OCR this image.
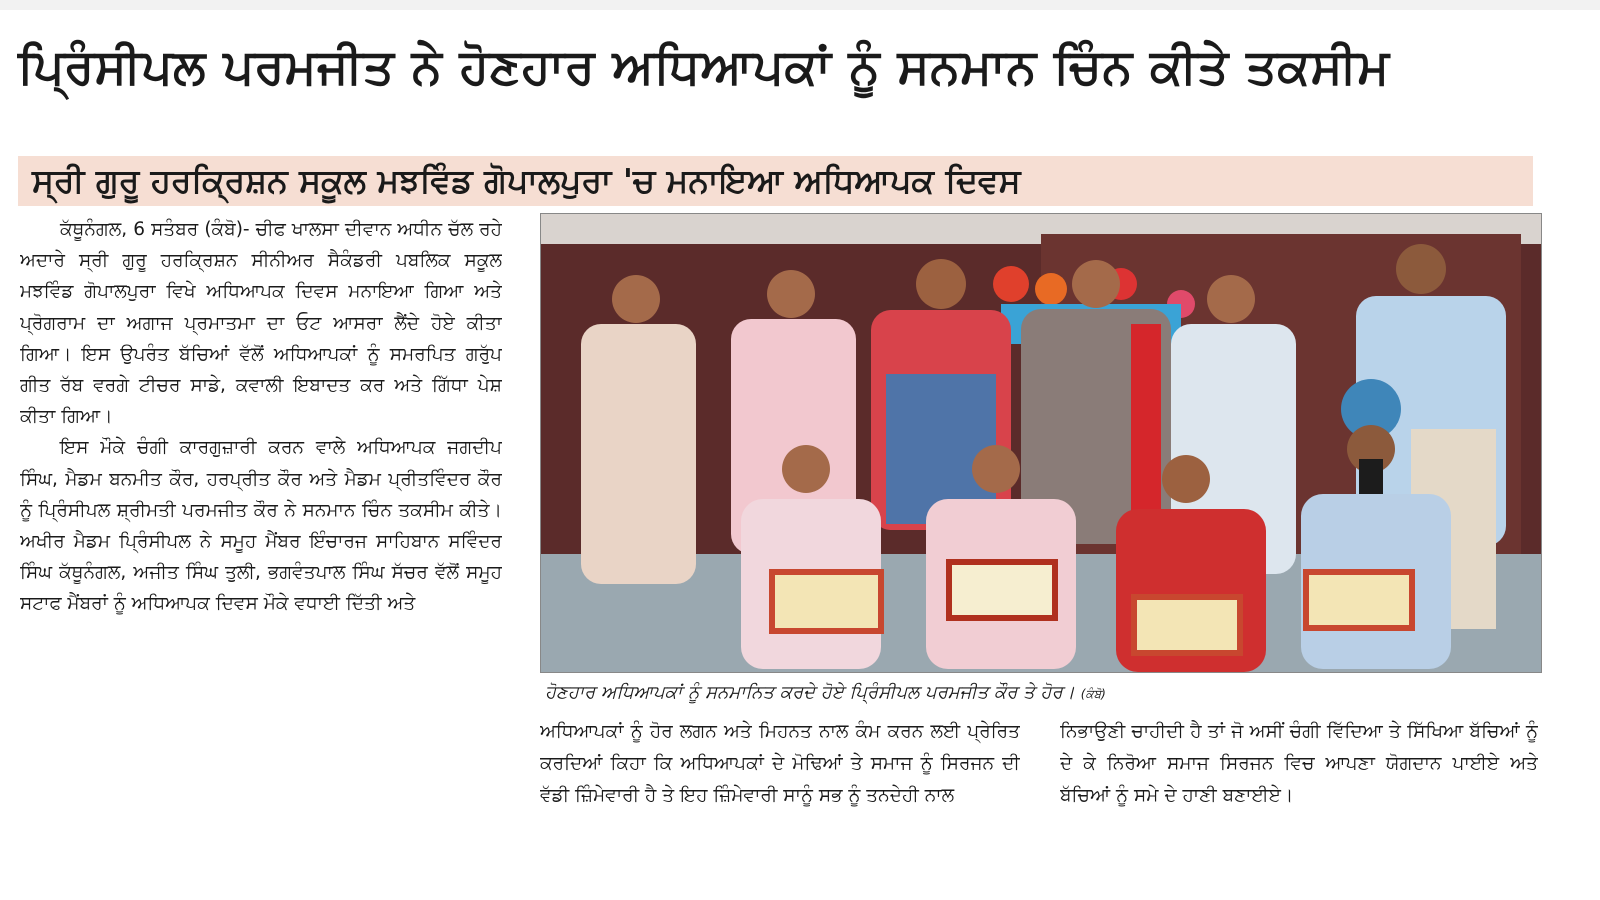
ਪ੍ਰਿੰਸੀਪਲ ਪਰਮਜੀਤ ਨੇ ਹੋਣਹਾਰ ਅਧਿਆਪਕਾਂ ਨੂੰ ਸਨਮਾਨ ਚਿੰਨ ਕੀਤੇ ਤਕਸੀਮ
ਸ੍ਰੀ ਗੁਰੂ ਹਰਕ੍ਰਿਸ਼ਨ ਸਕੂਲ ਮਝਵਿੰਡ ਗੋਪਾਲਪੁਰਾ 'ਚ ਮਨਾਇਆ ਅਧਿਆਪਕ ਦਿਵਸ

ਕੱਥੂਨੰਗਲ, 6 ਸਤੰਬਰ (ਕੰਬੋ)- ਚੀਫ ਖਾਲਸਾ ਦੀਵਾਨ ਅਧੀਨ ਚੱਲ ਰਹੇ ਅਦਾਰੇ ਸ੍ਰੀ ਗੁਰੂ ਹਰਕ੍ਰਿਸ਼ਨ ਸੀਨੀਅਰ ਸੈਕੰਡਰੀ ਪਬਲਿਕ ਸਕੂਲ ਮਝਵਿੰਡ ਗੋਪਾਲਪੁਰਾ ਵਿਖੇ ਅਧਿਆਪਕ ਦਿਵਸ ਮਨਾਇਆ ਗਿਆ ਅਤੇ ਪ੍ਰੋਗਰਾਮ ਦਾ ਅਗਾਜ ਪ੍ਰਮਾਤਮਾ ਦਾ ਓਟ ਆਸਰਾ ਲੈਂਦੇ ਹੋਏ ਕੀਤਾ ਗਿਆ। ਇਸ ਉਪਰੰਤ ਬੱਚਿਆਂ ਵੱਲੋਂ ਅਧਿਆਪਕਾਂ ਨੂੰ ਸਮਰਪਿਤ ਗਰੁੱਪ ਗੀਤ ਰੱਬ ਵਰਗੇ ਟੀਚਰ ਸਾਡੇ, ਕਵਾਲੀ ਇਬਾਦਤ ਕਰ ਅਤੇ ਗਿੱਧਾ ਪੇਸ਼ ਕੀਤਾ ਗਿਆ।

ਇਸ ਮੌਕੇ ਚੰਗੀ ਕਾਰਗੁਜ਼ਾਰੀ ਕਰਨ ਵਾਲੇ ਅਧਿਆਪਕ ਜਗਦੀਪ ਸਿੰਘ, ਮੈਡਮ ਬਨਮੀਤ ਕੌਰ, ਹਰਪ੍ਰੀਤ ਕੌਰ ਅਤੇ ਮੈਡਮ ਪ੍ਰੀਤਵਿੰਦਰ ਕੌਰ ਨੂੰ ਪ੍ਰਿੰਸੀਪਲ ਸ਼੍ਰੀਮਤੀ ਪਰਮਜੀਤ ਕੌਰ ਨੇ ਸਨਮਾਨ ਚਿੰਨ ਤਕਸੀਮ ਕੀਤੇ। ਅਖੀਰ ਮੈਡਮ ਪ੍ਰਿੰਸੀਪਲ ਨੇ ਸਮੂਹ ਮੈਂਬਰ ਇੰਚਾਰਜ ਸਾਹਿਬਾਨ ਸਵਿੰਦਰ ਸਿੰਘ ਕੱਥੂਨੰਗਲ, ਅਜੀਤ ਸਿੰਘ ਤੁਲੀ, ਭਗਵੰਤਪਾਲ ਸਿੰਘ ਸੱਚਰ ਵੱਲੋਂ ਸਮੂਹ ਸਟਾਫ ਮੈਂਬਰਾਂ ਨੂੰ ਅਧਿਆਪਕ ਦਿਵਸ ਮੌਕੇ ਵਧਾਈ ਦਿੱਤੀ ਅਤੇ

ਹੋਣਹਾਰ ਅਧਿਆਪਕਾਂ ਨੂੰ ਸਨਮਾਨਿਤ ਕਰਦੇ ਹੋਏ ਪ੍ਰਿੰਸੀਪਲ ਪਰਮਜੀਤ ਕੌਰ ਤੇ ਹੋਰ। (ਕੰਬੋ)

ਅਧਿਆਪਕਾਂ ਨੂੰ ਹੋਰ ਲਗਨ ਅਤੇ ਮਿਹਨਤ ਨਾਲ ਕੰਮ ਕਰਨ ਲਈ ਪ੍ਰੇਰਿਤ ਕਰਦਿਆਂ ਕਿਹਾ ਕਿ ਅਧਿਆਪਕਾਂ ਦੇ ਮੋਢਿਆਂ ਤੇ ਸਮਾਜ ਨੂੰ ਸਿਰਜਨ ਦੀ ਵੱਡੀ ਜ਼ਿੰਮੇਵਾਰੀ ਹੈ ਤੇ ਇਹ ਜ਼ਿੰਮੇਵਾਰੀ ਸਾਨੂੰ ਸਭ ਨੂੰ ਤਨਦੇਹੀ ਨਾਲ

ਨਿਭਾਉਣੀ ਚਾਹੀਦੀ ਹੈ ਤਾਂ ਜੋ ਅਸੀਂ ਚੰਗੀ ਵਿੱਦਿਆ ਤੇ ਸਿੱਖਿਆ ਬੱਚਿਆਂ ਨੂੰ ਦੇ ਕੇ ਨਿਰੋਆ ਸਮਾਜ ਸਿਰਜਨ ਵਿਚ ਆਪਣਾ ਯੋਗਦਾਨ ਪਾਈਏ ਅਤੇ ਬੱਚਿਆਂ ਨੂੰ ਸਮੇ ਦੇ ਹਾਣੀ ਬਣਾਈਏ।
